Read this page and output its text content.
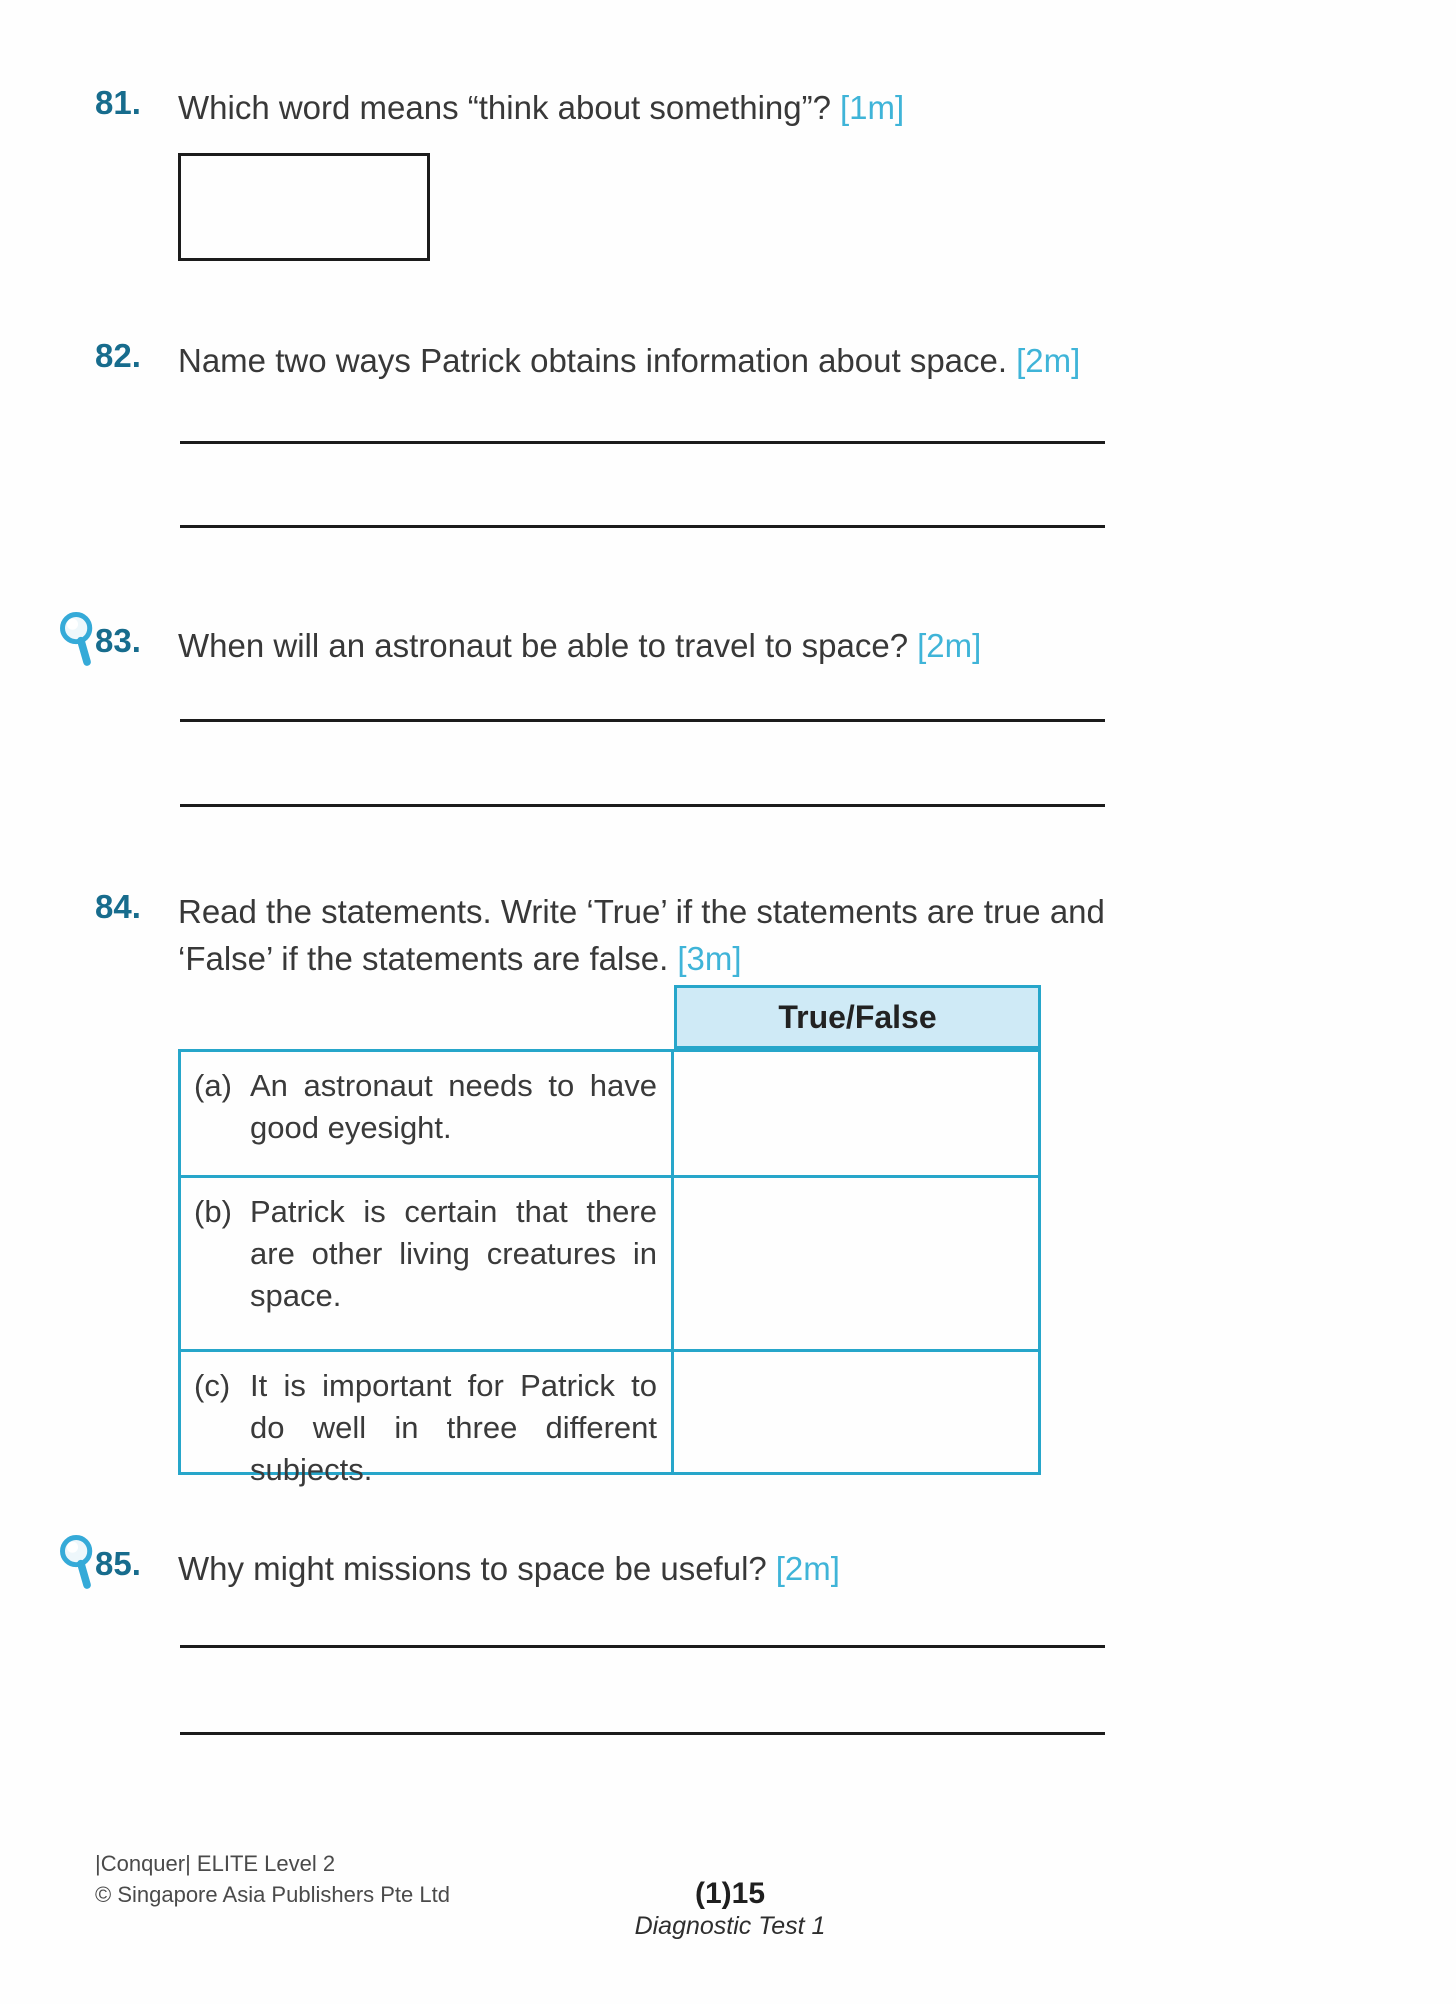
81. Which word means “think about something”? [1m]
82. Name two ways Patrick obtains information about space. [2m]
83. When will an astronaut be able to travel to space? [2m]
84. Read the statements. Write ‘True’ if the statements are true and
‘False’ if the statements are false. [3m]
True/False
(a) An astronaut needs to have good eyesight.
(b) Patrick is certain that there are other living creatures in space.
(c) It is important for Patrick to do well in three different subjects.
85. Why might missions to space be useful? [2m]
|Conquer| ELITE Level 2
© Singapore Asia Publishers Pte Ltd	(1)15
Diagnostic Test 1
